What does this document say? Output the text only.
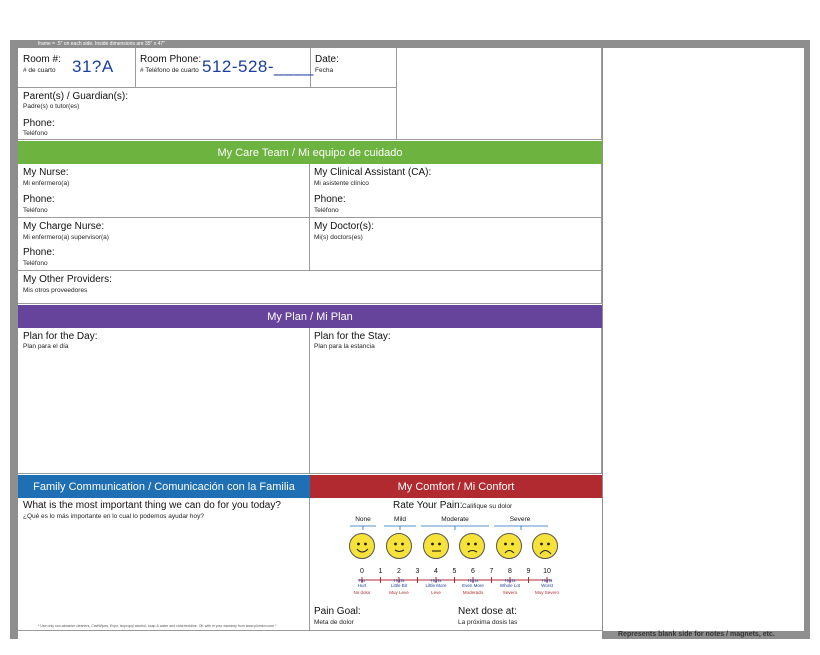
frame = .5" on each side. Inside dimensions are 35" x 47"
Represents blank side for notes / magnets, etc.
Room #:
# de cuarto 31?A	Room Phone:
# Teléfono de cuarto 512-528-____ Date:
Fecha
Parent(s) / Guardian(s):
Padre(s) o tutor(es)
Phone:
Teléfono
My Care Team / Mi equipo de cuidado
My Nurse:
Mi enfermero(a)
Phone:
Teléfono
My Clinical Assistant (CA):
Mi asistente clínico
Phone:
Teléfono
My Charge Nurse:
Mi enfermero(a) supervisor(a)
Phone:
Teléfono
My Doctor(s):
Mi(s) doctors(es)
My Other Providers:
Mis otros proveedores
My Plan / Mi Plan
Plan for the Day:
Plan para el día
Plan for the Stay:
Plan para la estancia
Family Communication / Comunicación con la Familia
What is the most important thing we can do for you today?
¿Qué es lo más importante en lo cual lo podemos ayudar hoy?
* Use only non-abrasive cleaners, CaviWipes, Expo, isopropyl alcohol, soap & water and chlorhexidine. OK with in your warranty from www.plumton.com *
My Comfort / Mi Confort
Rate Your Pain: Califique su dolor
Pain Goal:
Meta de dolor
Next dose at:
La próxima dosis las
None	Mild	Moderate	Severe
0	1	2	3	4	5	6	7	8	9	10
No
Hurt
No dolor
Hurts
Little Bit
Muy Leve
Hurts
Little More
Leve
Hurts
Even More
Moderado
Hurts
Whole Lot
Severo
Hurts
Worst
Muy Severo
